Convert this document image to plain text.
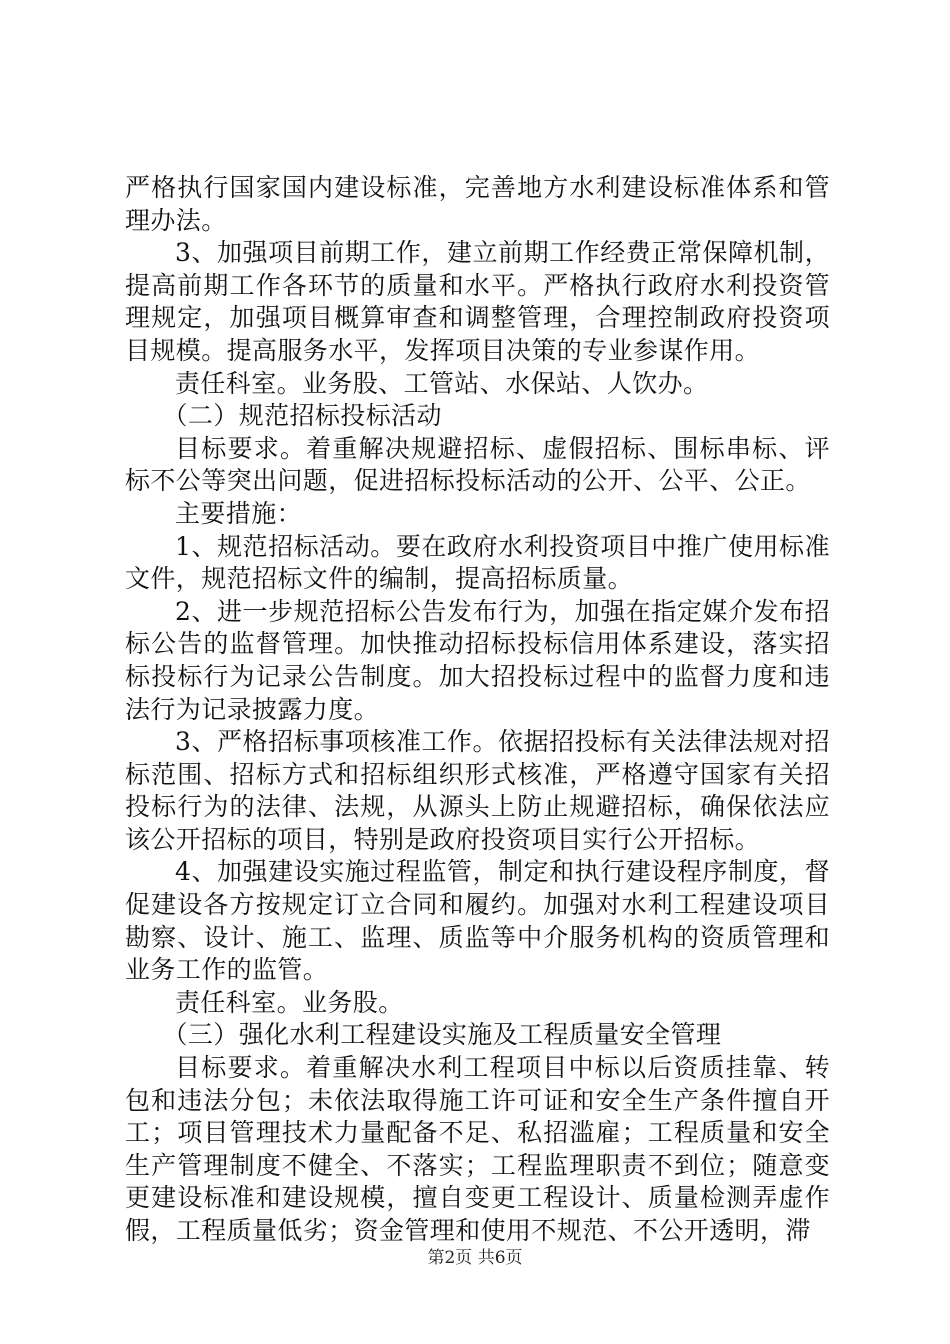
严格执行国家国内建设标准，完善地方水利建设标准体系和管理办法。

3、加强项目前期工作，建立前期工作经费正常保障机制，提高前期工作各环节的质量和水平。严格执行政府水利投资管理规定，加强项目概算审查和调整管理，合理控制政府投资项目规模。提高服务水平，发挥项目决策的专业参谋作用。

责任科室。业务股、工管站、水保站、人饮办。

（二）规范招标投标活动

目标要求。着重解决规避招标、虚假招标、围标串标、评标不公等突出问题，促进招标投标活动的公开、公平、公正。

主要措施：

1、规范招标活动。要在政府水利投资项目中推广使用标准文件，规范招标文件的编制，提高招标质量。

2、进一步规范招标公告发布行为，加强在指定媒介发布招标公告的监督管理。加快推动招标投标信用体系建设，落实招标投标行为记录公告制度。加大招投标过程中的监督力度和违法行为记录披露力度。

3、严格招标事项核准工作。依据招投标有关法律法规对招标范围、招标方式和招标组织形式核准，严格遵守国家有关招投标行为的法律、法规，从源头上防止规避招标，确保依法应该公开招标的项目，特别是政府投资项目实行公开招标。

4、加强建设实施过程监管，制定和执行建设程序制度，督促建设各方按规定订立合同和履约。加强对水利工程建设项目勘察、设计、施工、监理、质监等中介服务机构的资质管理和业务工作的监管。

责任科室。业务股。

（三）强化水利工程建设实施及工程质量安全管理

目标要求。着重解决水利工程项目中标以后资质挂靠、转包和违法分包；未依法取得施工许可证和安全生产条件擅自开工；项目管理技术力量配备不足、私招滥雇；工程质量和安全生产管理制度不健全、不落实；工程监理职责不到位；随意变更建设标准和建设规模，擅自变更工程设计、质量检测弄虚作假，工程质量低劣；资金管理和使用不规范、不公开透明，滞

第2页 共6页
